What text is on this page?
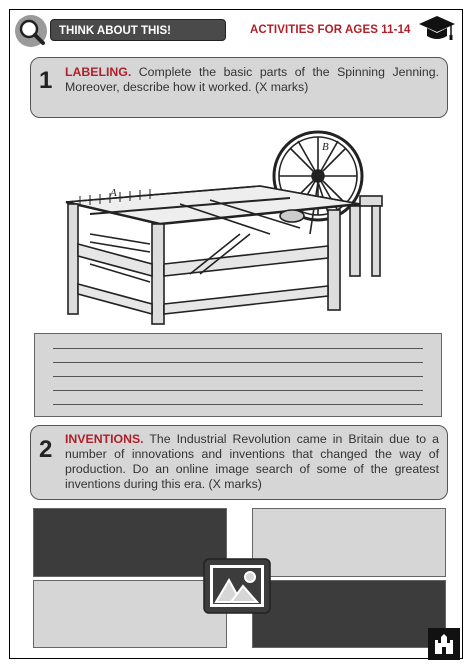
THINK ABOUT THIS!	ACTIVITIES FOR AGES 11-14
1 LABELING. Complete the basic parts of the Spinning Jenning. Moreover, describe how it worked. (X marks)
A
B
2 INVENTIONS. The Industrial Revolution came in Britain due to a number of innovations and inventions that changed the way of production. Do an online image search of some of the greatest inventions during this era. (X marks)
